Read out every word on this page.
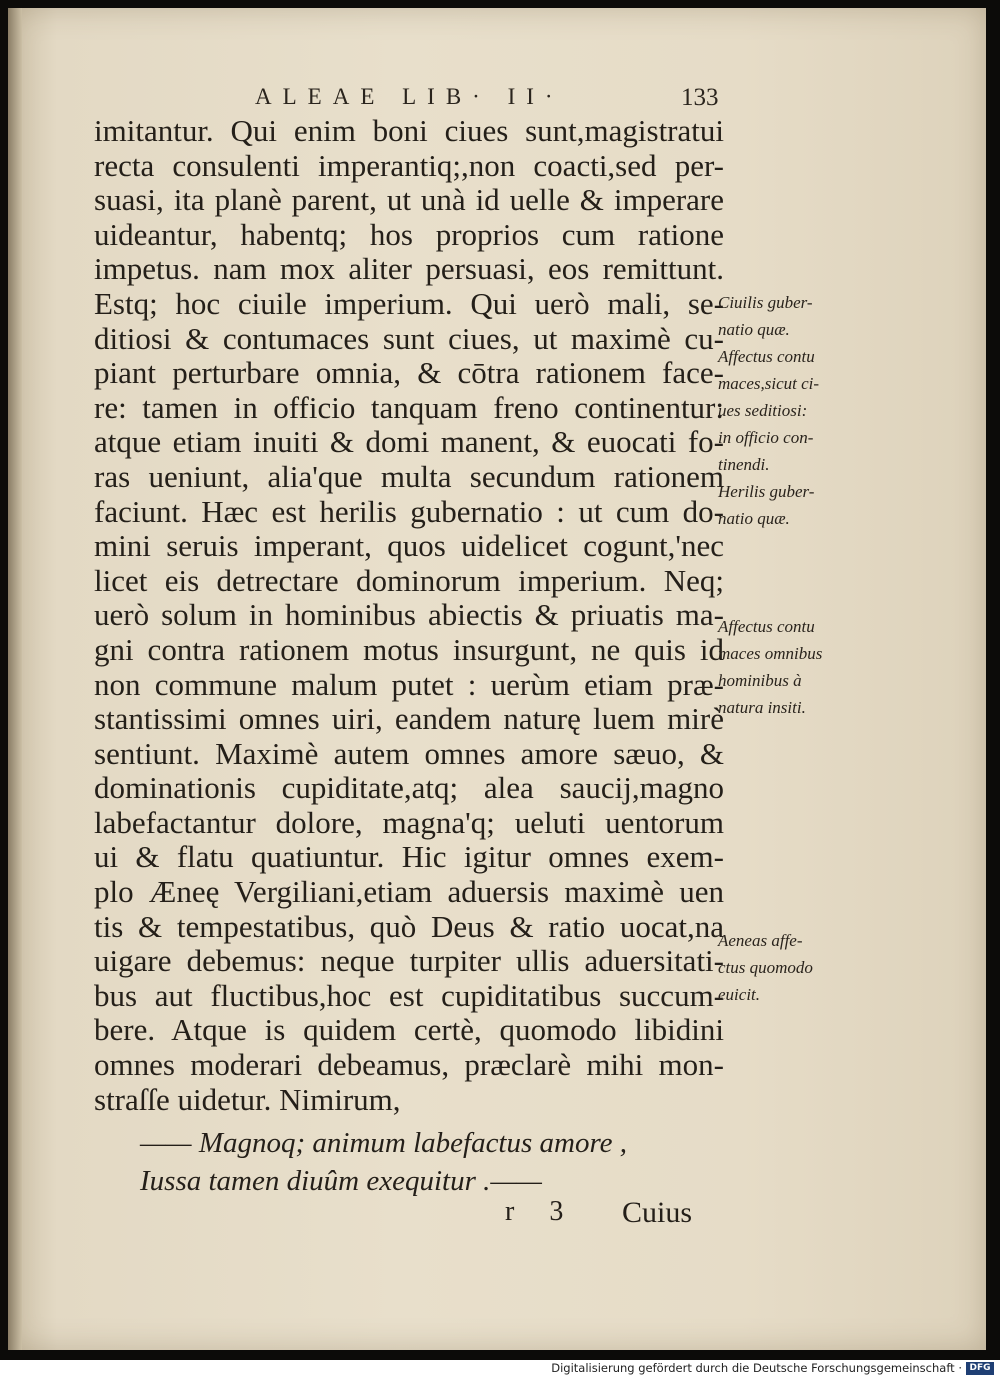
ALEAE LIB· II·	133
imitantur. Qui enim boni ciues sunt,magistratui
recta consulenti imperantiq;,non coacti,sed per-
suasi, ita planè parent, ut unà id uelle & imperare
uideantur, habentq; hos proprios cum ratione
impetus. nam mox aliter persuasi, eos remittunt.
Estq; hoc ciuile imperium. Qui uerò mali, se-
ditiosi & contumaces sunt ciues, ut maximè cu-
piant perturbare omnia, & cōtra rationem face-
re: tamen in officio tanquam freno continentur:
atque etiam inuiti & domi manent, & euocati fo-
ras ueniunt, alia'que multa secundum rationem
faciunt. Hæc est herilis gubernatio : ut cum do-
mini seruis imperant, quos uidelicet cogunt,'nec
licet eis detrectare dominorum imperium. Neq;
uerò solum in hominibus abiectis & priuatis ma-
gni contra rationem motus insurgunt, ne quis id
non commune malum putet : uerùm etiam præ-
stantissimi omnes uiri, eandem naturę luem mirè
sentiunt. Maximè autem omnes amore sæuo, &
dominationis cupiditate,atq; alea saucij,magno
labefactantur dolore, magna'q; ueluti uentorum
ui & flatu quatiuntur. Hic igitur omnes exem-
plo Æneę Vergiliani,etiam aduersis maximè uen
tis & tempestatibus, quò Deus & ratio uocat,na
uigare debemus: neque turpiter ullis aduersitati-
bus aut fluctibus,hoc est cupiditatibus succum-
bere. Atque is quidem certè, quomodo libidini
omnes moderari debeamus, præclarè mihi mon-
straſſe uidetur. Nimirum,
Ciuilis guber-
natio quæ.
Affectus contu
maces,sicut ci-
ues seditiosi:
in officio con-
tinendi.
Herilis guber-
natio quæ.
Affectus contu
maces omnibus
hominibus à
natura insiti.
Aeneas affe-
ctus quomodo
euicit.
—— Magnoq; animum labefactus amore ,
Iussa tamen diuûm exequitur .——
r 3 Cuius
Digitalisierung gefördert durch die Deutsche Forschungsgemeinschaft · DFG
